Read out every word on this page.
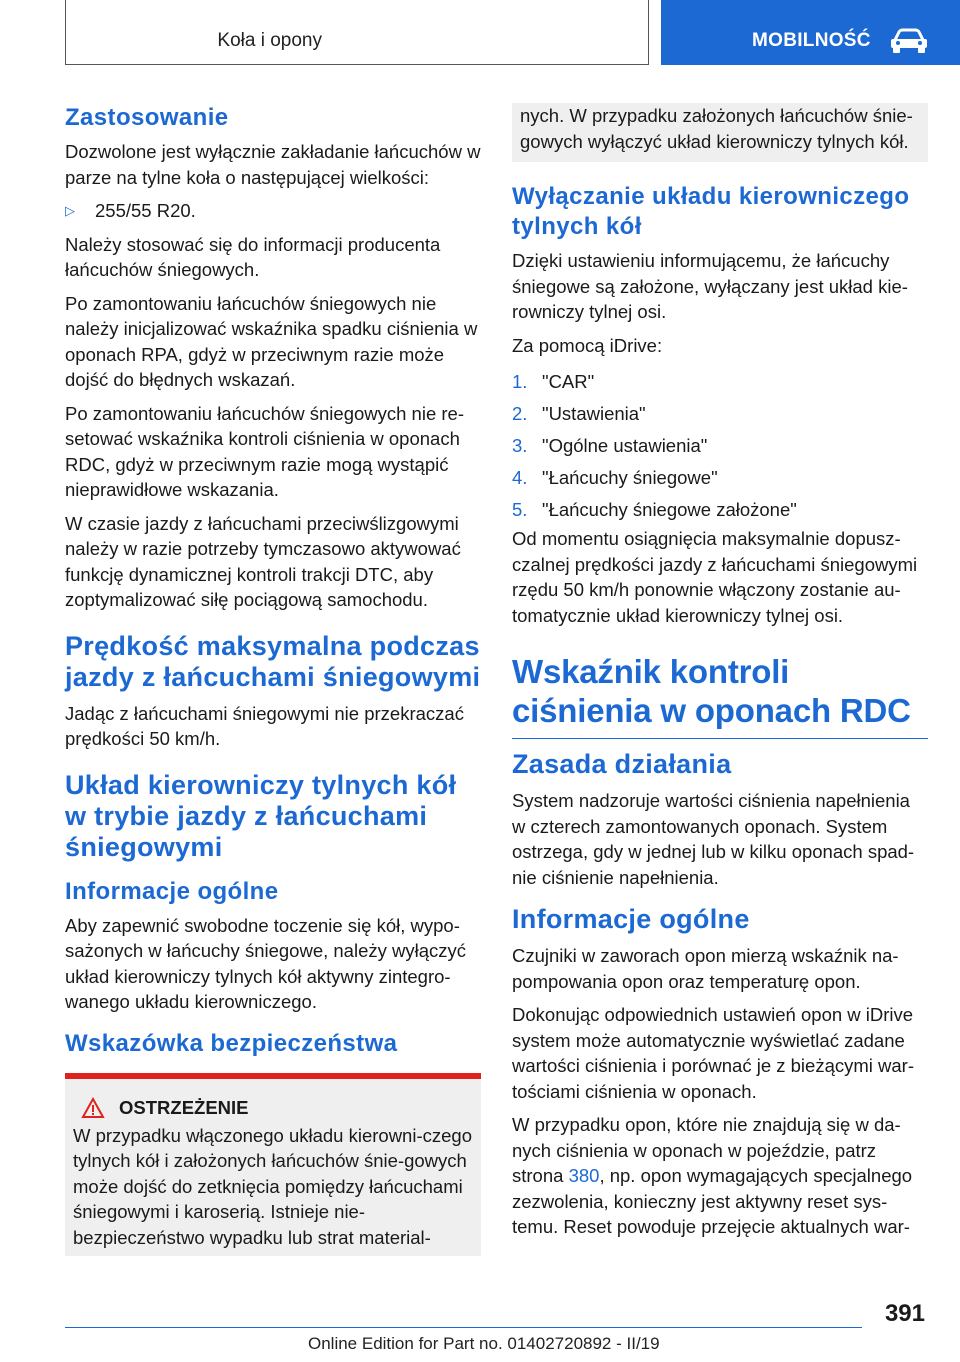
Koła i opony	MOBILNOŚĆ
Zastosowanie

Dozwolone jest wyłącznie zakładanie łańcuchów w parze na tylne koła o następującej wielkości:

▷	255/55 R20.

Należy stosować się do informacji producenta łańcuchów śniegowych.

Po zamontowaniu łańcuchów śniegowych nie należy inicjalizować wskaźnika spadku ciśnienia w oponach RPA, gdyż w przeciwnym razie może dojść do błędnych wskazań.

Po zamontowaniu łańcuchów śniegowych nie re‐setować wskaźnika kontroli ciśnienia w oponach RDC, gdyż w przeciwnym razie mogą wystąpić nieprawidłowe wskazania.

W czasie jazdy z łańcuchami przeciwślizgowymi należy w razie potrzeby tymczasowo aktywować funkcję dynamicznej kontroli trakcji DTC, aby zoptymalizować siłę pociągową samochodu.

Prędkość maksymalna podczas jazdy z łańcuchami śniegowymi

Jadąc z łańcuchami śniegowymi nie przekraczać prędkości 50 km/h.

Układ kierowniczy tylnych kół w trybie jazdy z łańcuchami śniegowymi
Informacje ogólne

Aby zapewnić swobodne toczenie się kół, wypo‐sażonych w łańcuchy śniegowe, należy wyłączyć układ kierowniczy tylnych kół aktywny zintegro‐wanego układu kierowniczego.

Wskazówka bezpieczeństwa
OSTRZEŻENIE

W przypadku włączonego układu kierowni‐czego tylnych kół i założonych łańcuchów śnie‐gowych może dojść do zetknięcia pomiędzy łańcuchami śniegowymi i karoserią. Istnieje nie‐bezpieczeństwo wypadku lub strat material‐

nych. W przypadku założonych łańcuchów śnie‐gowych wyłączyć układ kierowniczy tylnych kół.

Wyłączanie układu kierowniczego tylnych kół

Dzięki ustawieniu informującemu, że łańcuchy śniegowe są założone, wyłączany jest układ kie‐rowniczy tylnej osi.

Za pomocą iDrive:

1. "CAR"
2. "Ustawienia"
3. "Ogólne ustawienia"
4. "Łańcuchy śniegowe"
5. "Łańcuchy śniegowe założone"

Od momentu osiągnięcia maksymalnie dopusz‐czalnej prędkości jazdy z łańcuchami śniegowymi rzędu 50 km/h ponownie włączony zostanie au‐tomatycznie układ kierowniczy tylnej osi.

Wskaźnik kontroli ciśnienia w oponach RDC
Zasada działania

System nadzoruje wartości ciśnienia napełnienia w czterech zamontowanych oponach. System ostrzega, gdy w jednej lub w kilku oponach spad‐nie ciśnienie napełnienia.

Informacje ogólne

Czujniki w zaworach opon mierzą wskaźnik na‐pompowania opon oraz temperaturę opon.

Dokonując odpowiednich ustawień opon w iDrive system może automatycznie wyświetlać zadane wartości ciśnienia i porównać je z bieżącymi war‐tościami ciśnienia w oponach.

W przypadku opon, które nie znajdują się w da‐nych ciśnienia w oponach w pojeździe, patrz strona 380, np. opon wymagających specjalnego zezwolenia, konieczny jest aktywny reset sys‐temu. Reset powoduje przejęcie aktualnych war‐

391
Online Edition for Part no. 01402720892 - II/19
